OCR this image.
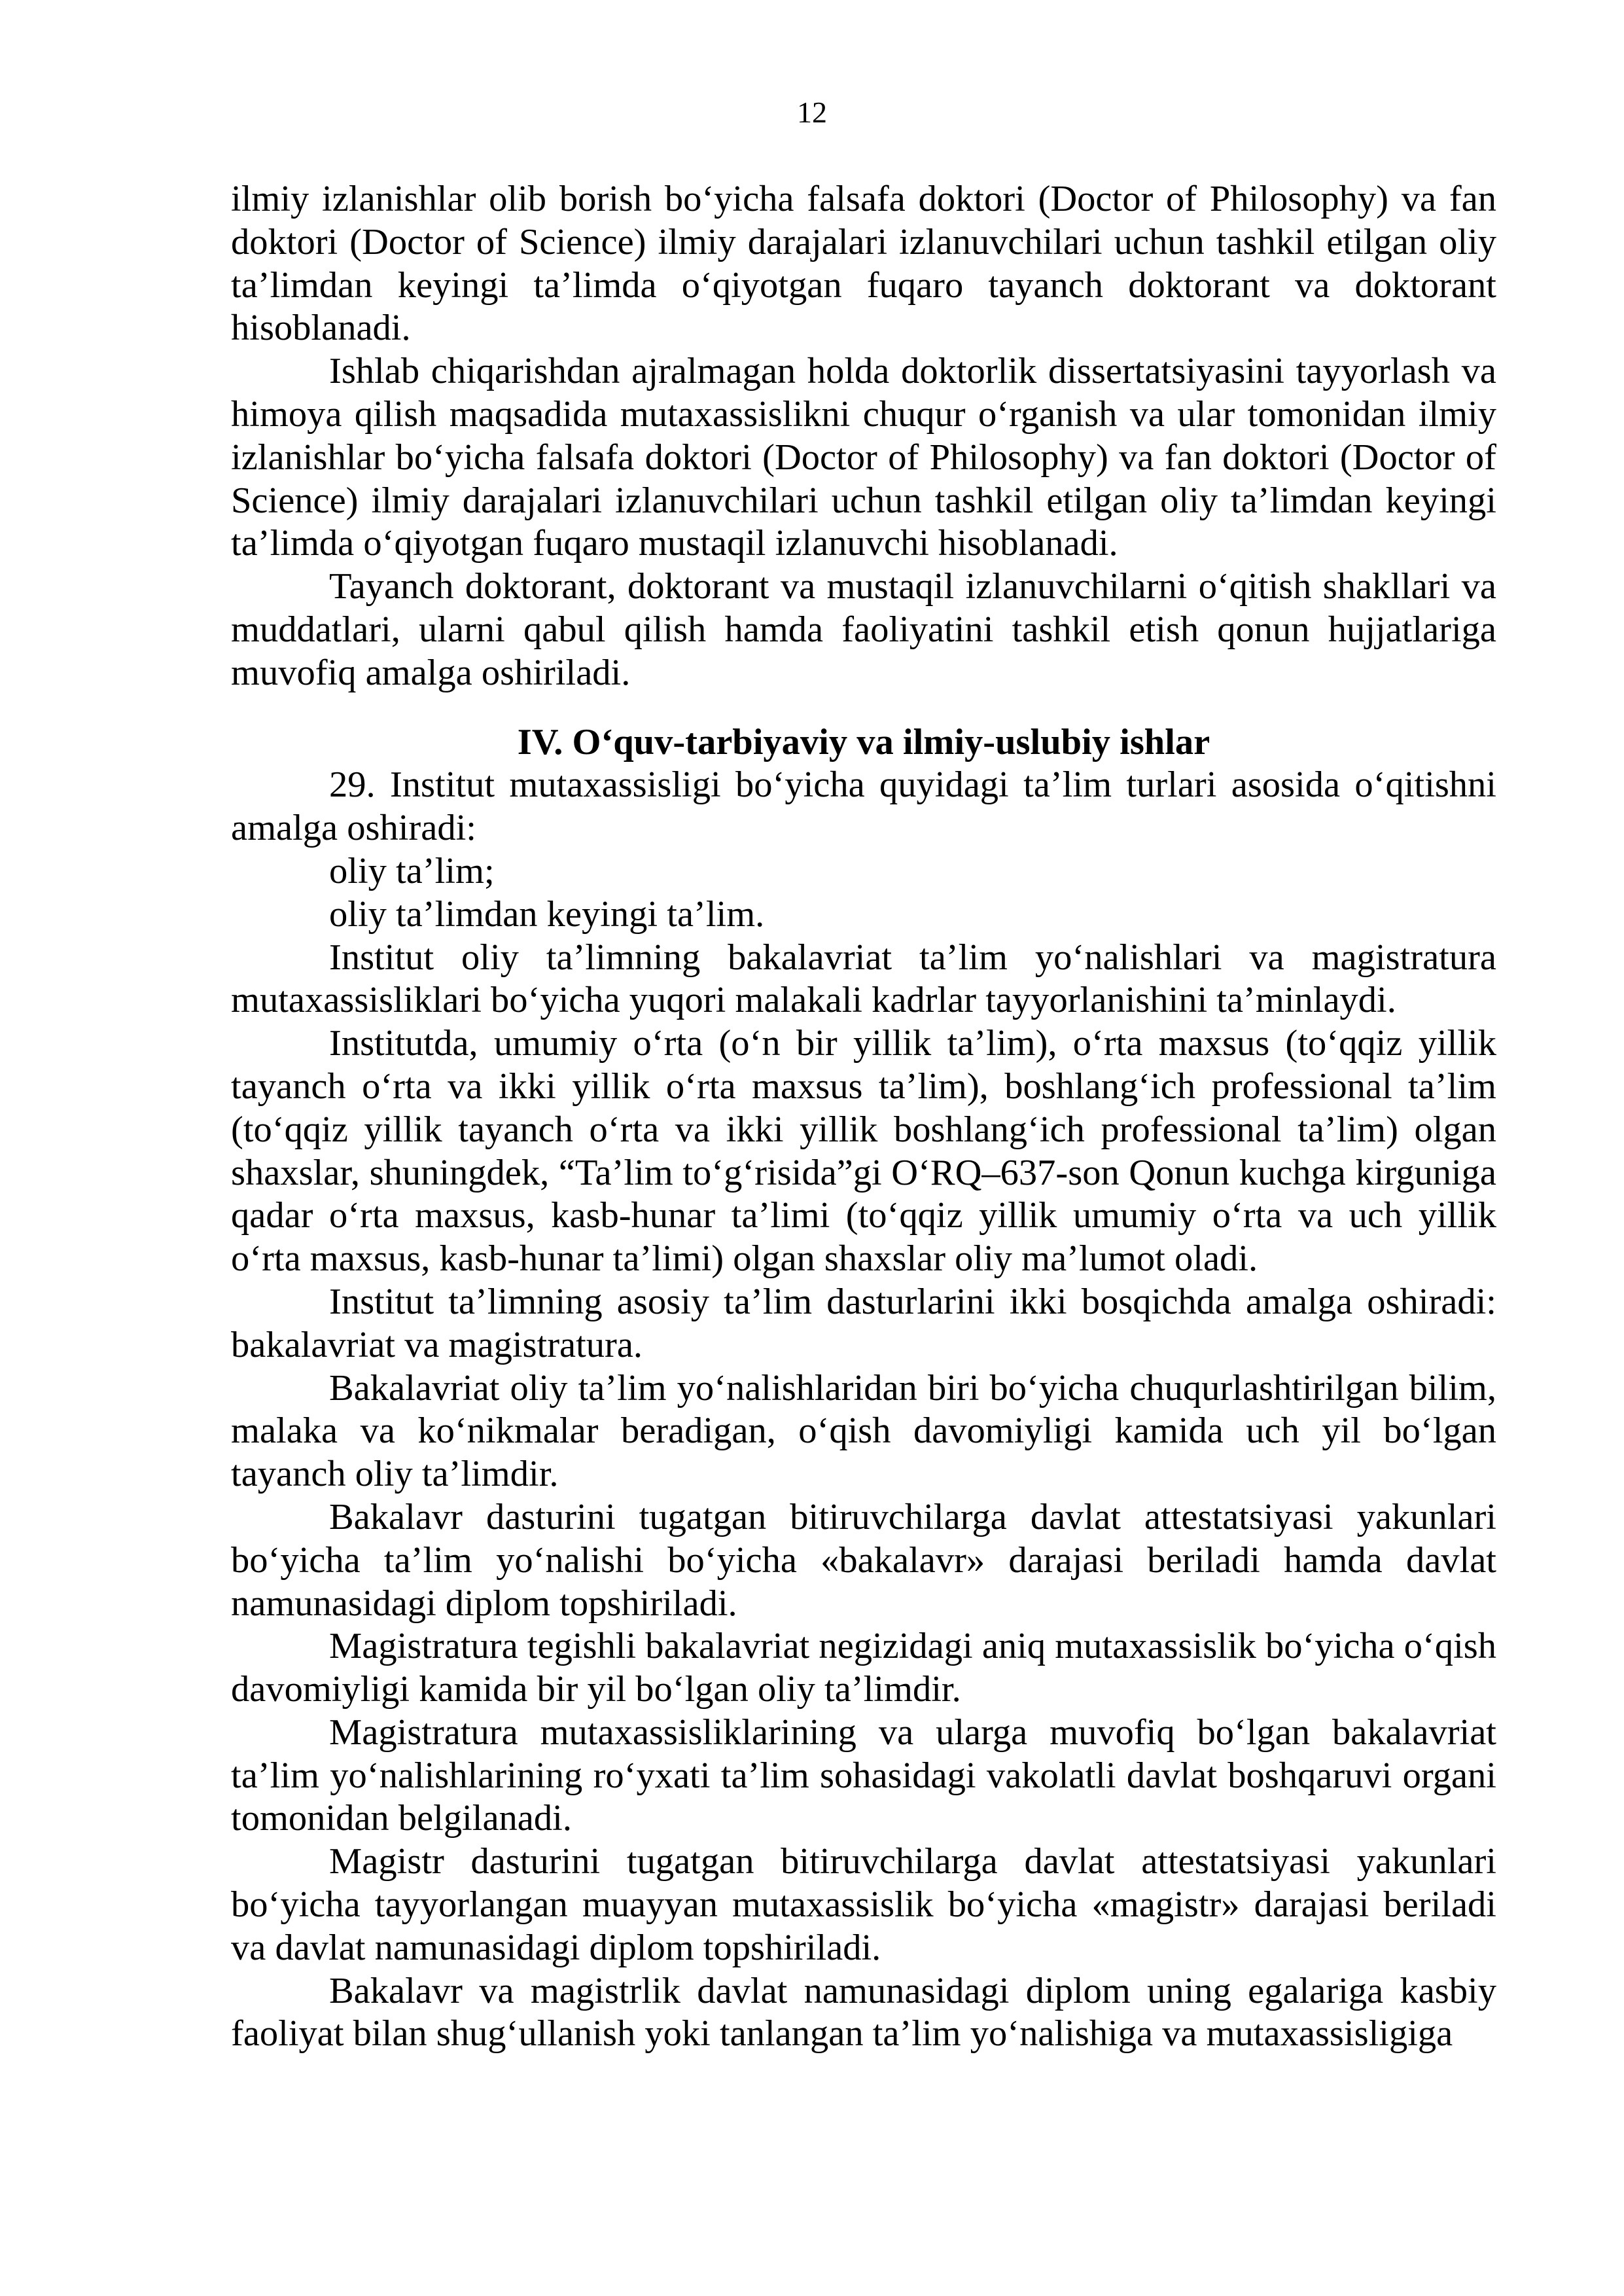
12

ilmiy izlanishlar olib borish bo‘yicha falsafa doktori (Doctor of Philosophy) va fan doktori (Doctor of Science) ilmiy darajalari izlanuvchilari uchun tashkil etilgan oliy ta’limdan keyingi ta’limda o‘qiyotgan fuqaro tayanch doktorant va doktorant hisoblanadi.

Ishlab chiqarishdan ajralmagan holda doktorlik dissertatsiyasini tayyorlash va himoya qilish maqsadida mutaxassislikni chuqur o‘rganish va ular tomonidan ilmiy izlanishlar bo‘yicha falsafa doktori (Doctor of Philosophy) va fan doktori (Doctor of Science) ilmiy darajalari izlanuvchilari uchun tashkil etilgan oliy ta’limdan keyingi ta’limda o‘qiyotgan fuqaro mustaqil izlanuvchi hisoblanadi.

Tayanch doktorant, doktorant va mustaqil izlanuvchilarni o‘qitish shakllari va muddatlari, ularni qabul qilish hamda faoliyatini tashkil etish qonun hujjatlariga muvofiq amalga oshiriladi.

IV. O‘quv-tarbiyaviy va ilmiy-uslubiy ishlar

29. Institut mutaxassisligi bo‘yicha quyidagi ta’lim turlari asosida o‘qitishni amalga oshiradi:

oliy ta’lim;

oliy ta’limdan keyingi ta’lim.

Institut oliy ta’limning bakalavriat ta’lim yo‘nalishlari va magistratura mutaxassisliklari bo‘yicha yuqori malakali kadrlar tayyorlanishini ta’minlaydi.

Institutda, umumiy o‘rta (o‘n bir yillik ta’lim), o‘rta maxsus (to‘qqiz yillik tayanch o‘rta va ikki yillik o‘rta maxsus ta’lim), boshlang‘ich professional ta’lim (to‘qqiz yillik tayanch o‘rta va ikki yillik boshlang‘ich professional ta’lim) olgan shaxslar, shuningdek, “Ta’lim to‘g‘risida”gi O‘RQ–637-son Qonun kuchga kirguniga qadar o‘rta maxsus, kasb-hunar ta’limi (to‘qqiz yillik umumiy o‘rta va uch yillik o‘rta maxsus, kasb-hunar ta’limi) olgan shaxslar oliy ma’lumot oladi.

Institut ta’limning asosiy ta’lim dasturlarini ikki bosqichda amalga oshiradi: bakalavriat va magistratura.

Bakalavriat oliy ta’lim yo‘nalishlaridan biri bo‘yicha chuqurlashtirilgan bilim, malaka va ko‘nikmalar beradigan, o‘qish davomiyligi kamida uch yil bo‘lgan tayanch oliy ta’limdir.

Bakalavr dasturini tugatgan bitiruvchilarga davlat attestatsiyasi yakunlari bo‘yicha ta’lim yo‘nalishi bo‘yicha «bakalavr» darajasi beriladi hamda davlat namunasidagi diplom topshiriladi.

Magistratura tegishli bakalavriat negizidagi aniq mutaxassislik bo‘yicha o‘qish davomiyligi kamida bir yil bo‘lgan oliy ta’limdir.

Magistratura mutaxassisliklarining va ularga muvofiq bo‘lgan bakalavriat ta’lim yo‘nalishlarining ro‘yxati ta’lim sohasidagi vakolatli davlat boshqaruvi organi tomonidan belgilanadi.

Magistr dasturini tugatgan bitiruvchilarga davlat attestatsiyasi yakunlari bo‘yicha tayyorlangan muayyan mutaxassislik bo‘yicha «magistr» darajasi beriladi va davlat namunasidagi diplom topshiriladi.

Bakalavr va magistrlik davlat namunasidagi diplom uning egalariga kasbiy faoliyat bilan shug‘ullanish yoki tanlangan ta’lim yo‘nalishiga va mutaxassisligiga
